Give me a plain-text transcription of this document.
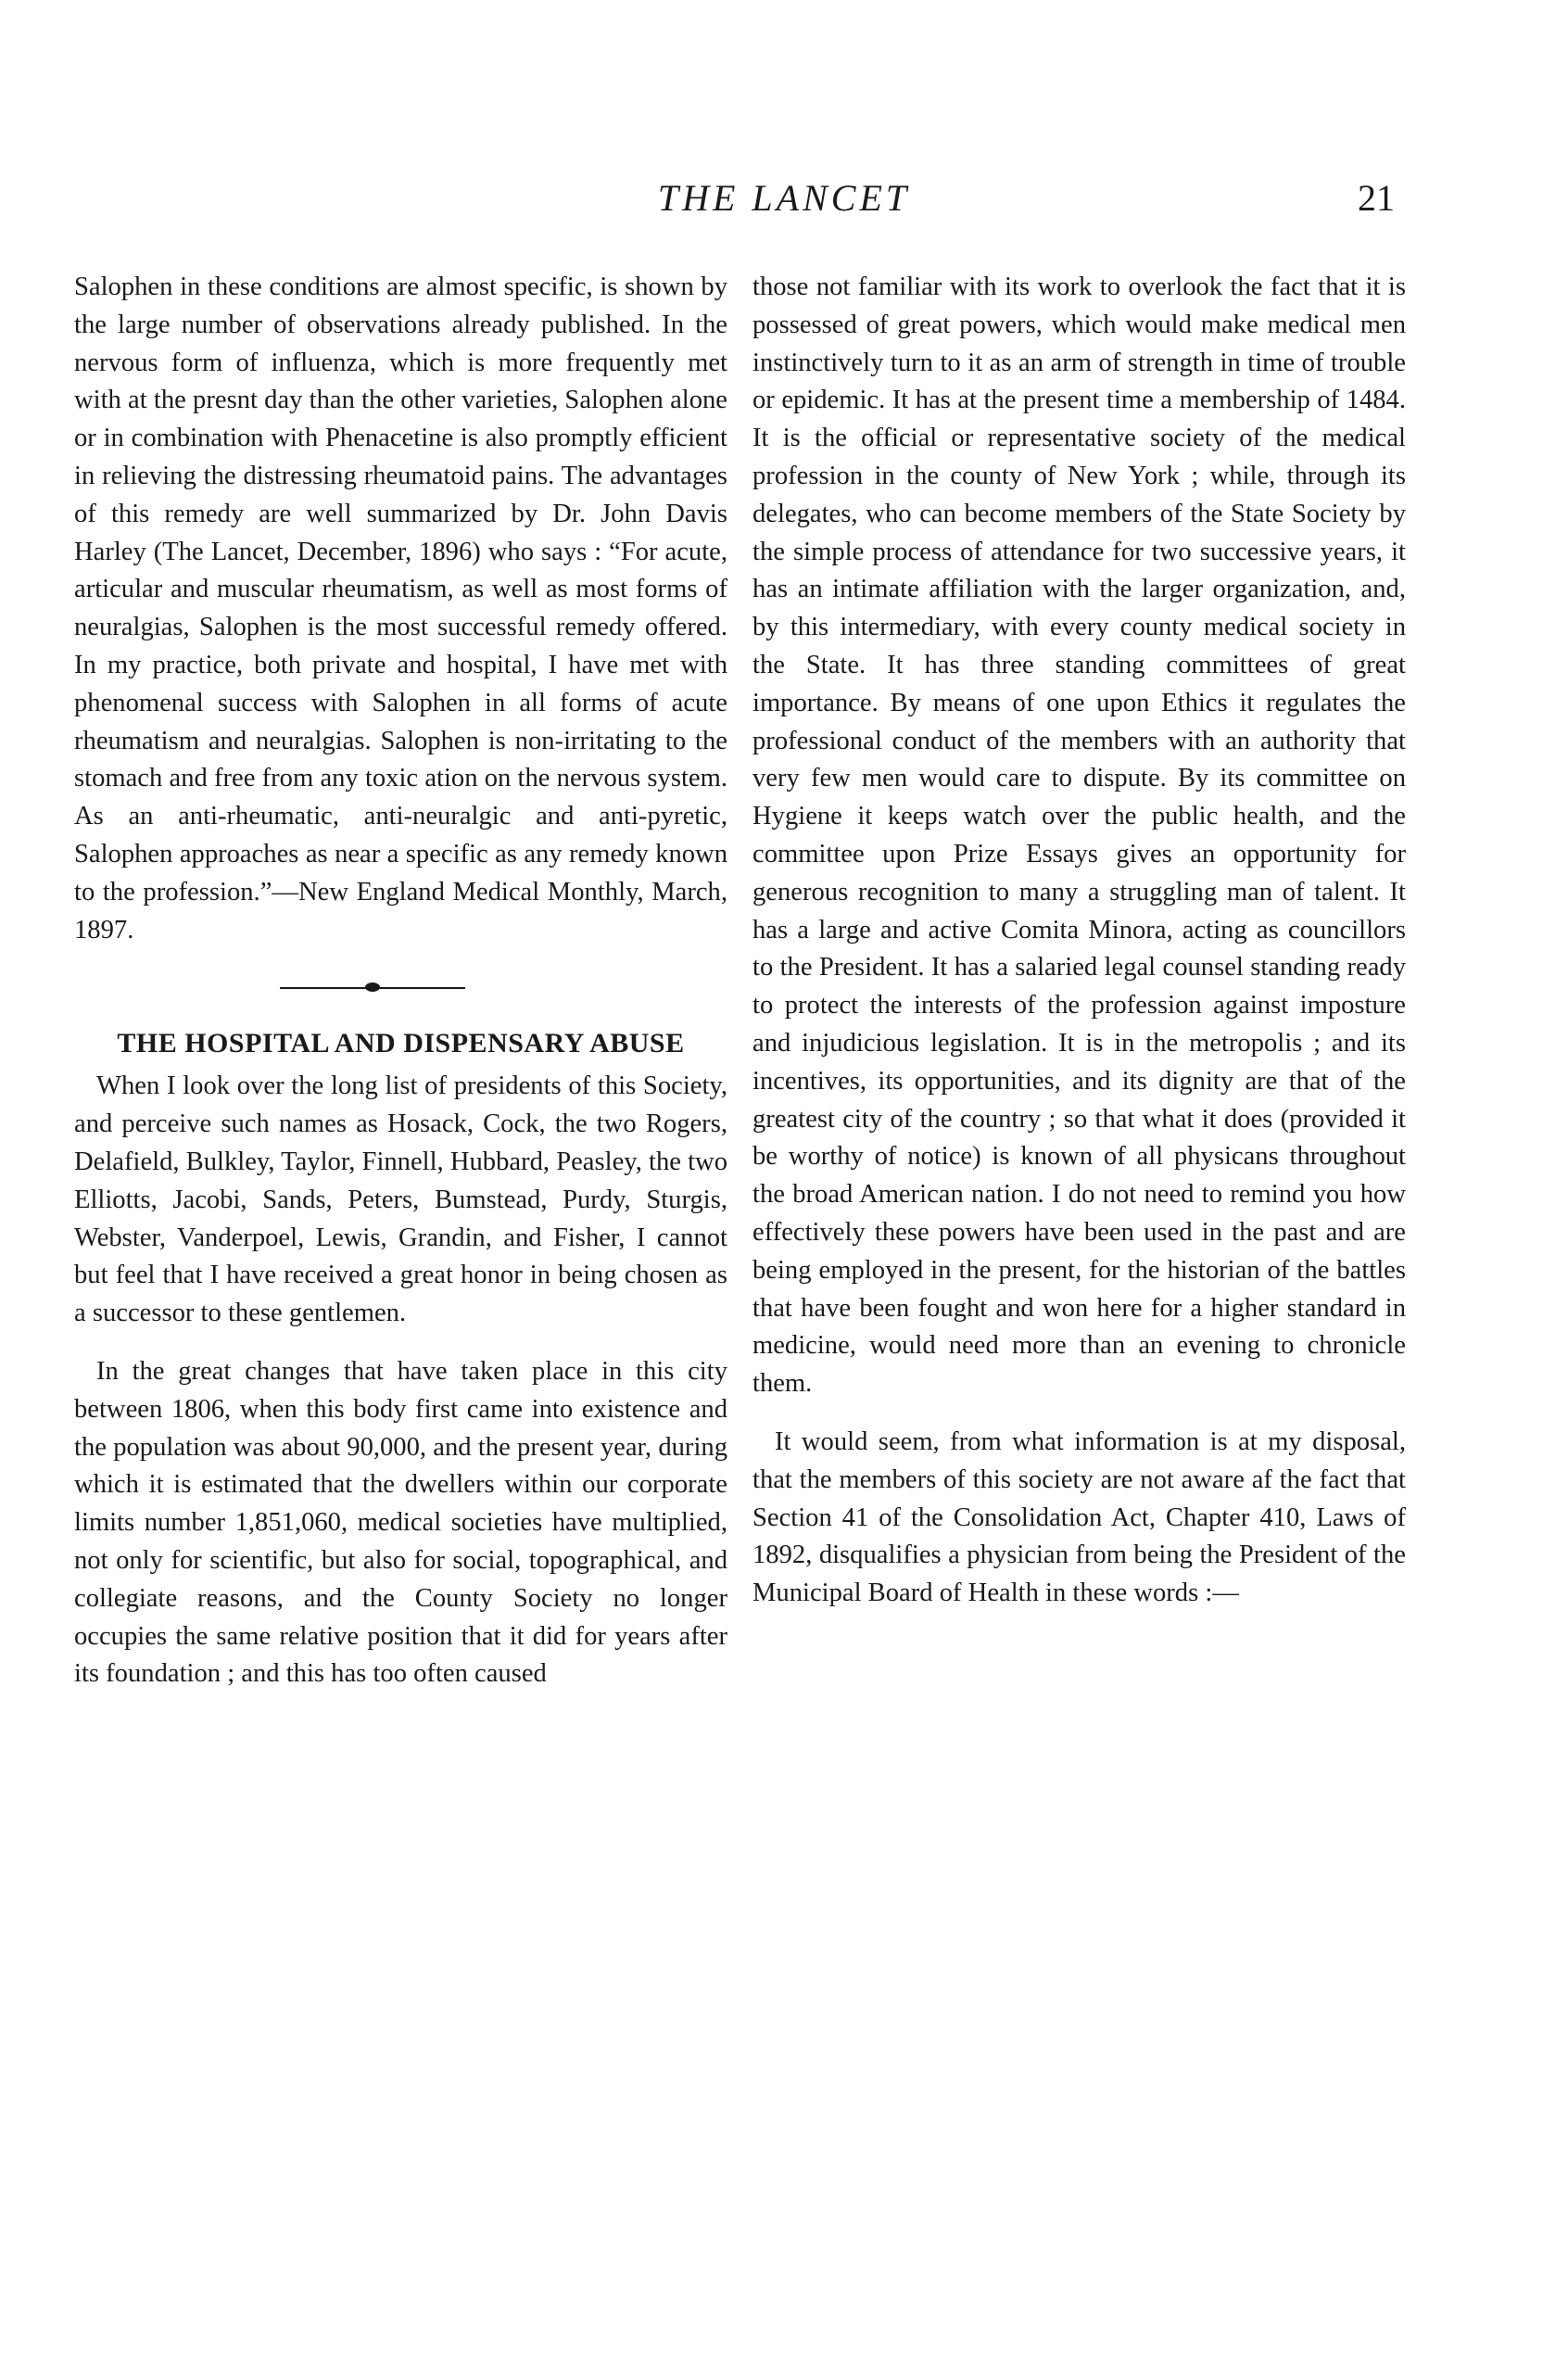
THE LANCET	21

Salophen in these conditions are almost specific, is shown by the large number of observations already published. In the nervous form of influenza, which is more frequently met with at the presnt day than the other varieties, Salophen alone or in combination with Phenacetine is also promptly efficient in relieving the distressing rheumatoid pains. The advantages of this remedy are well summarized by Dr. John Davis Harley (The Lancet, December, 1896) who says : “For acute, articular and muscular rheumatism, as well as most forms of neuralgias, Salophen is the most successful remedy offered. In my practice, both private and hospital, I have met with phenomenal success with Salophen in all forms of acute rheumatism and neuralgias. Salophen is non-irritating to the stomach and free from any toxic ation on the nervous system. As an anti-rheumatic, anti-neuralgic and anti-pyretic, Salophen approaches as near a specific as any remedy known to the profession.”—New England Medical Monthly, March, 1897.

THE HOSPITAL AND DISPENSARY ABUSE

When I look over the long list of presidents of this Society, and perceive such names as Hosack, Cock, the two Rogers, Delafield, Bulkley, Taylor, Finnell, Hubbard, Peasley, the two Elliotts, Jacobi, Sands, Peters, Bumstead, Purdy, Sturgis, Webster, Vanderpoel, Lewis, Grandin, and Fisher, I cannot but feel that I have received a great honor in being chosen as a successor to these gentlemen.

In the great changes that have taken place in this city between 1806, when this body first came into existence and the population was about 90,000, and the present year, during which it is estimated that the dwellers within our corporate limits number 1,851,060, medical societies have multiplied, not only for scientific, but also for social, topographical, and collegiate reasons, and the County Society no longer occupies the same relative position that it did for years after its foundation ; and this has too often caused

those not familiar with its work to overlook the fact that it is possessed of great powers, which would make medical men instinctively turn to it as an arm of strength in time of trouble or epidemic. It has at the present time a membership of 1484. It is the official or representative society of the medical profession in the county of New York ; while, through its delegates, who can become members of the State Society by the simple process of attendance for two successive years, it has an intimate affiliation with the larger organization, and, by this intermediary, with every county medical society in the State. It has three standing committees of great importance. By means of one upon Ethics it regulates the professional conduct of the members with an authority that very few men would care to dispute. By its committee on Hygiene it keeps watch over the public health, and the committee upon Prize Essays gives an opportunity for generous recognition to many a struggling man of talent. It has a large and active Comita Minora, acting as councillors to the President. It has a salaried legal counsel standing ready to protect the interests of the profession against imposture and injudicious legislation. It is in the metropolis ; and its incentives, its opportunities, and its dignity are that of the greatest city of the country ; so that what it does (provided it be worthy of notice) is known of all physicans throughout the broad American nation. I do not need to remind you how effectively these powers have been used in the past and are being employed in the present, for the historian of the battles that have been fought and won here for a higher standard in medicine, would need more than an evening to chronicle them.

It would seem, from what information is at my disposal, that the members of this society are not aware af the fact that Section 41 of the Consolidation Act, Chapter 410, Laws of 1892, disqualifies a physician from being the President of the Municipal Board of Health in these words :—
